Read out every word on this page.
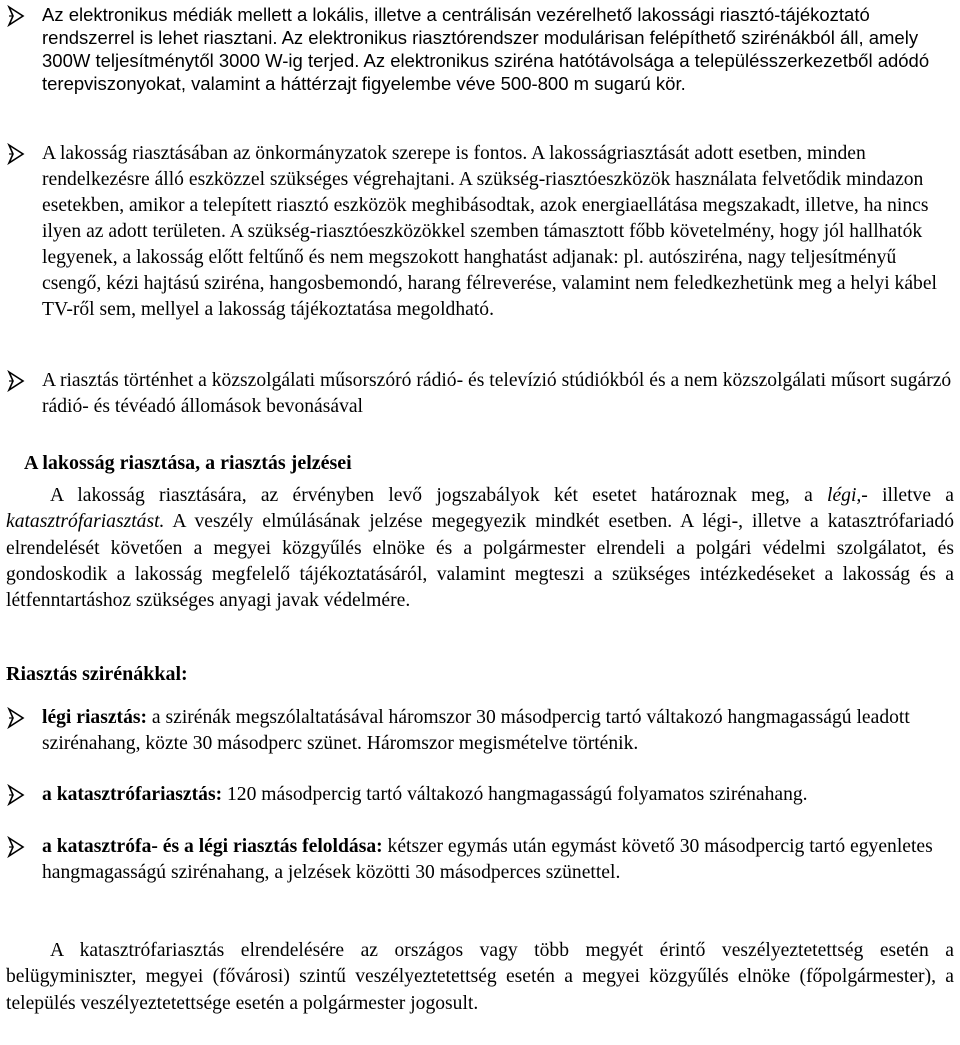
Az elektronikus médiák mellett a lokális, illetve a centrálisán vezérelhető lakossági riasztó-tájékoztató rendszerrel is lehet riasztani. Az elektronikus riasztórendszer modulárisan felépíthető szirénákból áll, amely 300W teljesítménytől 3000 W-ig terjed. Az elektronikus sziréna hatótávolsága a településszerkezetből adódó terepviszonyokat, valamint a háttérzajt figyelembe véve 500-800 m sugarú kör.
A lakosság riasztásában az önkormányzatok szerepe is fontos. A lakosságriasztását adott esetben, minden rendelkezésre álló eszközzel szükséges végrehajtani. A szükség-riasztóeszközök használata felvetődik mindazon esetekben, amikor a telepített riasztó eszközök meghibásodtak, azok energiaellátása megszakadt, illetve, ha nincs ilyen az adott területen. A szükség-riasztóeszközökkel szemben támasztott főbb követelmény, hogy jól hallhatók legyenek, a lakosság előtt feltűnő és nem megszokott hanghatást adjanak: pl. autósziréna, nagy teljesítményű csengő, kézi hajtású sziréna, hangosbemondó, harang félreverése, valamint nem feledkezhetünk meg a helyi kábel TV-ről sem, mellyel a lakosság tájékoztatása megoldható.
A riasztás történhet a közszolgálati műsorszóró rádió- és televízió stúdiókból és a nem közszolgálati műsort sugárzó rádió- és tévéadó állomások bevonásával
A lakosság riasztása, a riasztás jelzései
A lakosság riasztására, az érvényben levő jogszabályok két esetet határoznak meg, a légi,- illetve a katasztrófariasztást. A veszély elmúlásának jelzése megegyezik mindkét esetben. A légi-, illetve a katasztrófariadó elrendelését követően a megyei közgyűlés elnöke és a polgármester elrendeli a polgári védelmi szolgálatot, és gondoskodik a lakosság megfelelő tájékoztatásáról, valamint megteszi a szükséges intézkedéseket a lakosság és a létfenntartáshoz szükséges anyagi javak védelmére.
Riasztás szirénákkal:
légi riasztás: a szirénák megszólaltatásával háromszor 30 másodpercig tartó váltakozó hangmagasságú leadott szirénahang, közte 30 másodperc szünet. Háromszor megismételve történik.
a katasztrófariasztás: 120 másodpercig tartó váltakozó hangmagasságú folyamatos szirénahang.
a katasztrófa- és a légi riasztás feloldása: kétszer egymás után egymást követő 30 másodpercig tartó egyenletes hangmagasságú szirénahang, a jelzések közötti 30 másodperces szünettel.
A katasztrófariasztás elrendelésére az országos vagy több megyét érintő veszélyeztetettség esetén a belügyminiszter, megyei (fővárosi) szintű veszélyeztetettség esetén a megyei közgyűlés elnöke (főpolgármester), a település veszélyeztetettsége esetén a polgármester jogosult.
